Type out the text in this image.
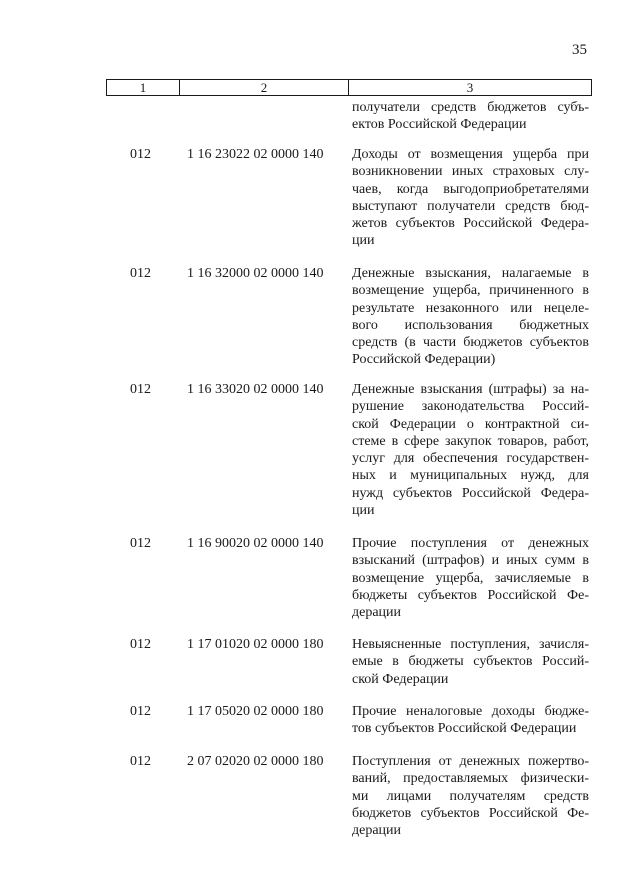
35
1	2	3
получатели средств бюджетов субъ-
ектов Российской Федерации
012	1 16 23022 02 0000 140	Доходы от возмещения ущерба при
возникновении иных страховых слу-
чаев, когда выгодоприобретателями
выступают получатели средств бюд-
жетов субъектов Российской Федера-
ции
012	1 16 32000 02 0000 140	Денежные взыскания, налагаемые в
возмещение ущерба, причиненного в
результате незаконного или нецеле-
вого использования бюджетных
средств (в части бюджетов субъектов
Российской Федерации)
012	1 16 33020 02 0000 140	Денежные взыскания (штрафы) за на-
рушение законодательства Россий-
ской Федерации о контрактной си-
стеме в сфере закупок товаров, работ,
услуг для обеспечения государствен-
ных и муниципальных нужд, для
нужд субъектов Российской Федера-
ции
012	1 16 90020 02 0000 140	Прочие поступления от денежных
взысканий (штрафов) и иных сумм в
возмещение ущерба, зачисляемые в
бюджеты субъектов Российской Фе-
дерации
012	1 17 01020 02 0000 180	Невыясненные поступления, зачисля-
емые в бюджеты субъектов Россий-
ской Федерации
012	1 17 05020 02 0000 180	Прочие неналоговые доходы бюдже-
тов субъектов Российской Федерации
012	2 07 02020 02 0000 180	Поступления от денежных пожертво-
ваний, предоставляемых физически-
ми лицами получателям средств
бюджетов субъектов Российской Фе-
дерации
